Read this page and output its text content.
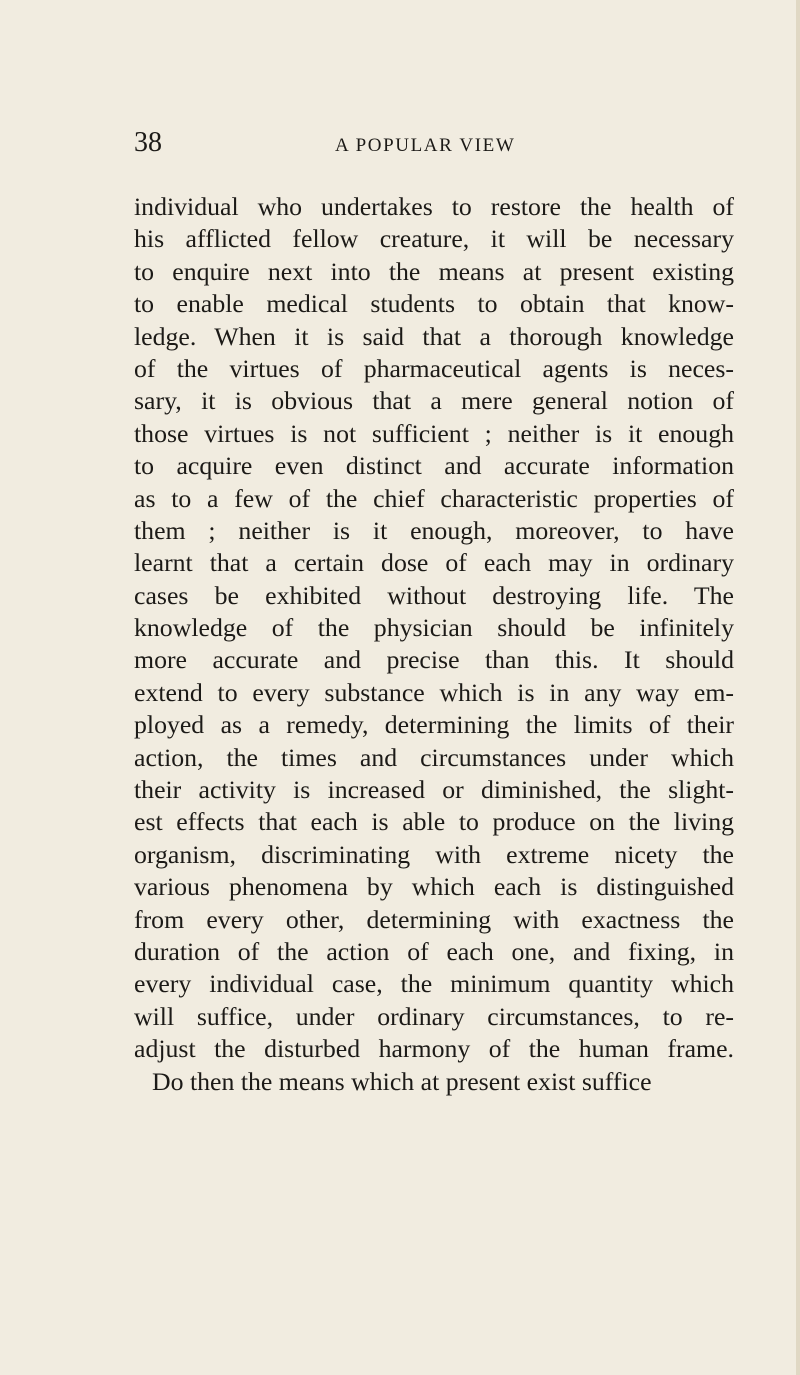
38	A POPULAR VIEW
individual who undertakes to restore the health of
his afflicted fellow creature, it will be necessary
to enquire next into the means at present existing
to enable medical students to obtain that know-
ledge. When it is said that a thorough knowledge
of the virtues of pharmaceutical agents is neces-
sary, it is obvious that a mere general notion of
those virtues is not sufficient ; neither is it enough
to acquire even distinct and accurate information
as to a few of the chief characteristic properties of
them ; neither is it enough, moreover, to have
learnt that a certain dose of each may in ordinary
cases be exhibited without destroying life. The
knowledge of the physician should be infinitely
more accurate and precise than this. It should
extend to every substance which is in any way em-
ployed as a remedy, determining the limits of their
action, the times and circumstances under which
their activity is increased or diminished, the slight-
est effects that each is able to produce on the living
organism, discriminating with extreme nicety the
various phenomena by which each is distinguished
from every other, determining with exactness the
duration of the action of each one, and fixing, in
every individual case, the minimum quantity which
will suffice, under ordinary circumstances, to re-
adjust the disturbed harmony of the human frame.
Do then the means which at present exist suffice
